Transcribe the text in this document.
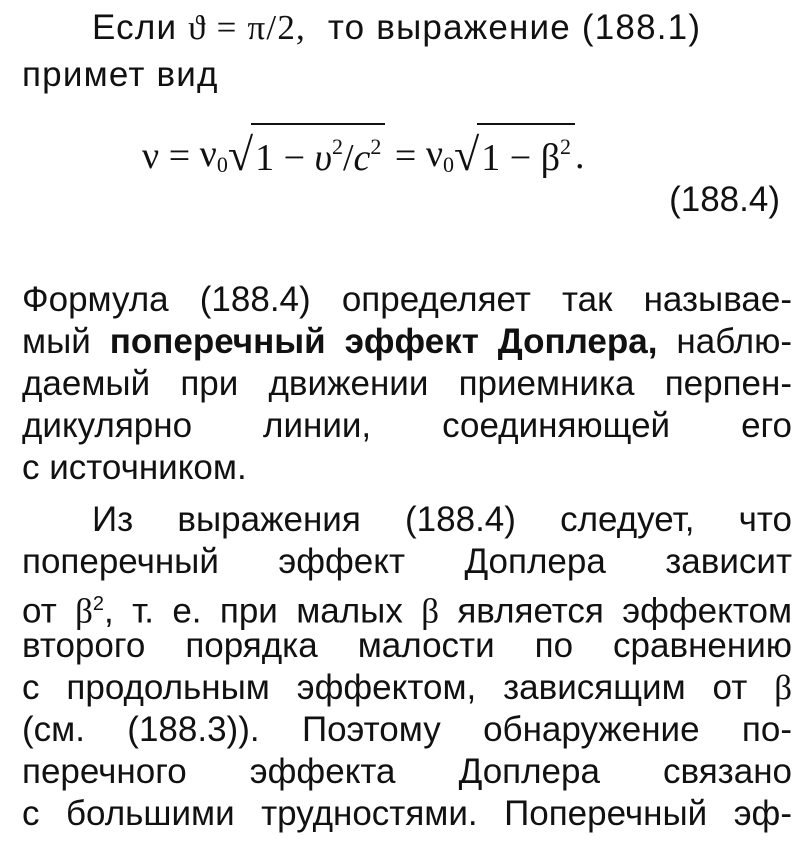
Если ϑ = π/2, то выражение (188.1)
примет вид
$\nu = \nu_0$ √ $1 - \upsilon^2/c^2 = \nu_0$ √ $1 - \beta^2$ .
(188.4)
Формула (188.4) определяет так называе-
мый поперечный эффект Доплера, наблю-
даемый при движении приемника перпен-
дикулярно линии, соединяющей его
с источником.
Из выражения (188.4) следует, что
поперечный эффект Доплера зависит
от $\beta^2$, т. е. при малых β является эффектом
второго порядка малости по сравнению
с продольным эффектом, зависящим от β
(см. (188.3)). Поэтому обнаружение по-
перечного эффекта Доплера связано
с большими трудностями. Поперечный эф-
